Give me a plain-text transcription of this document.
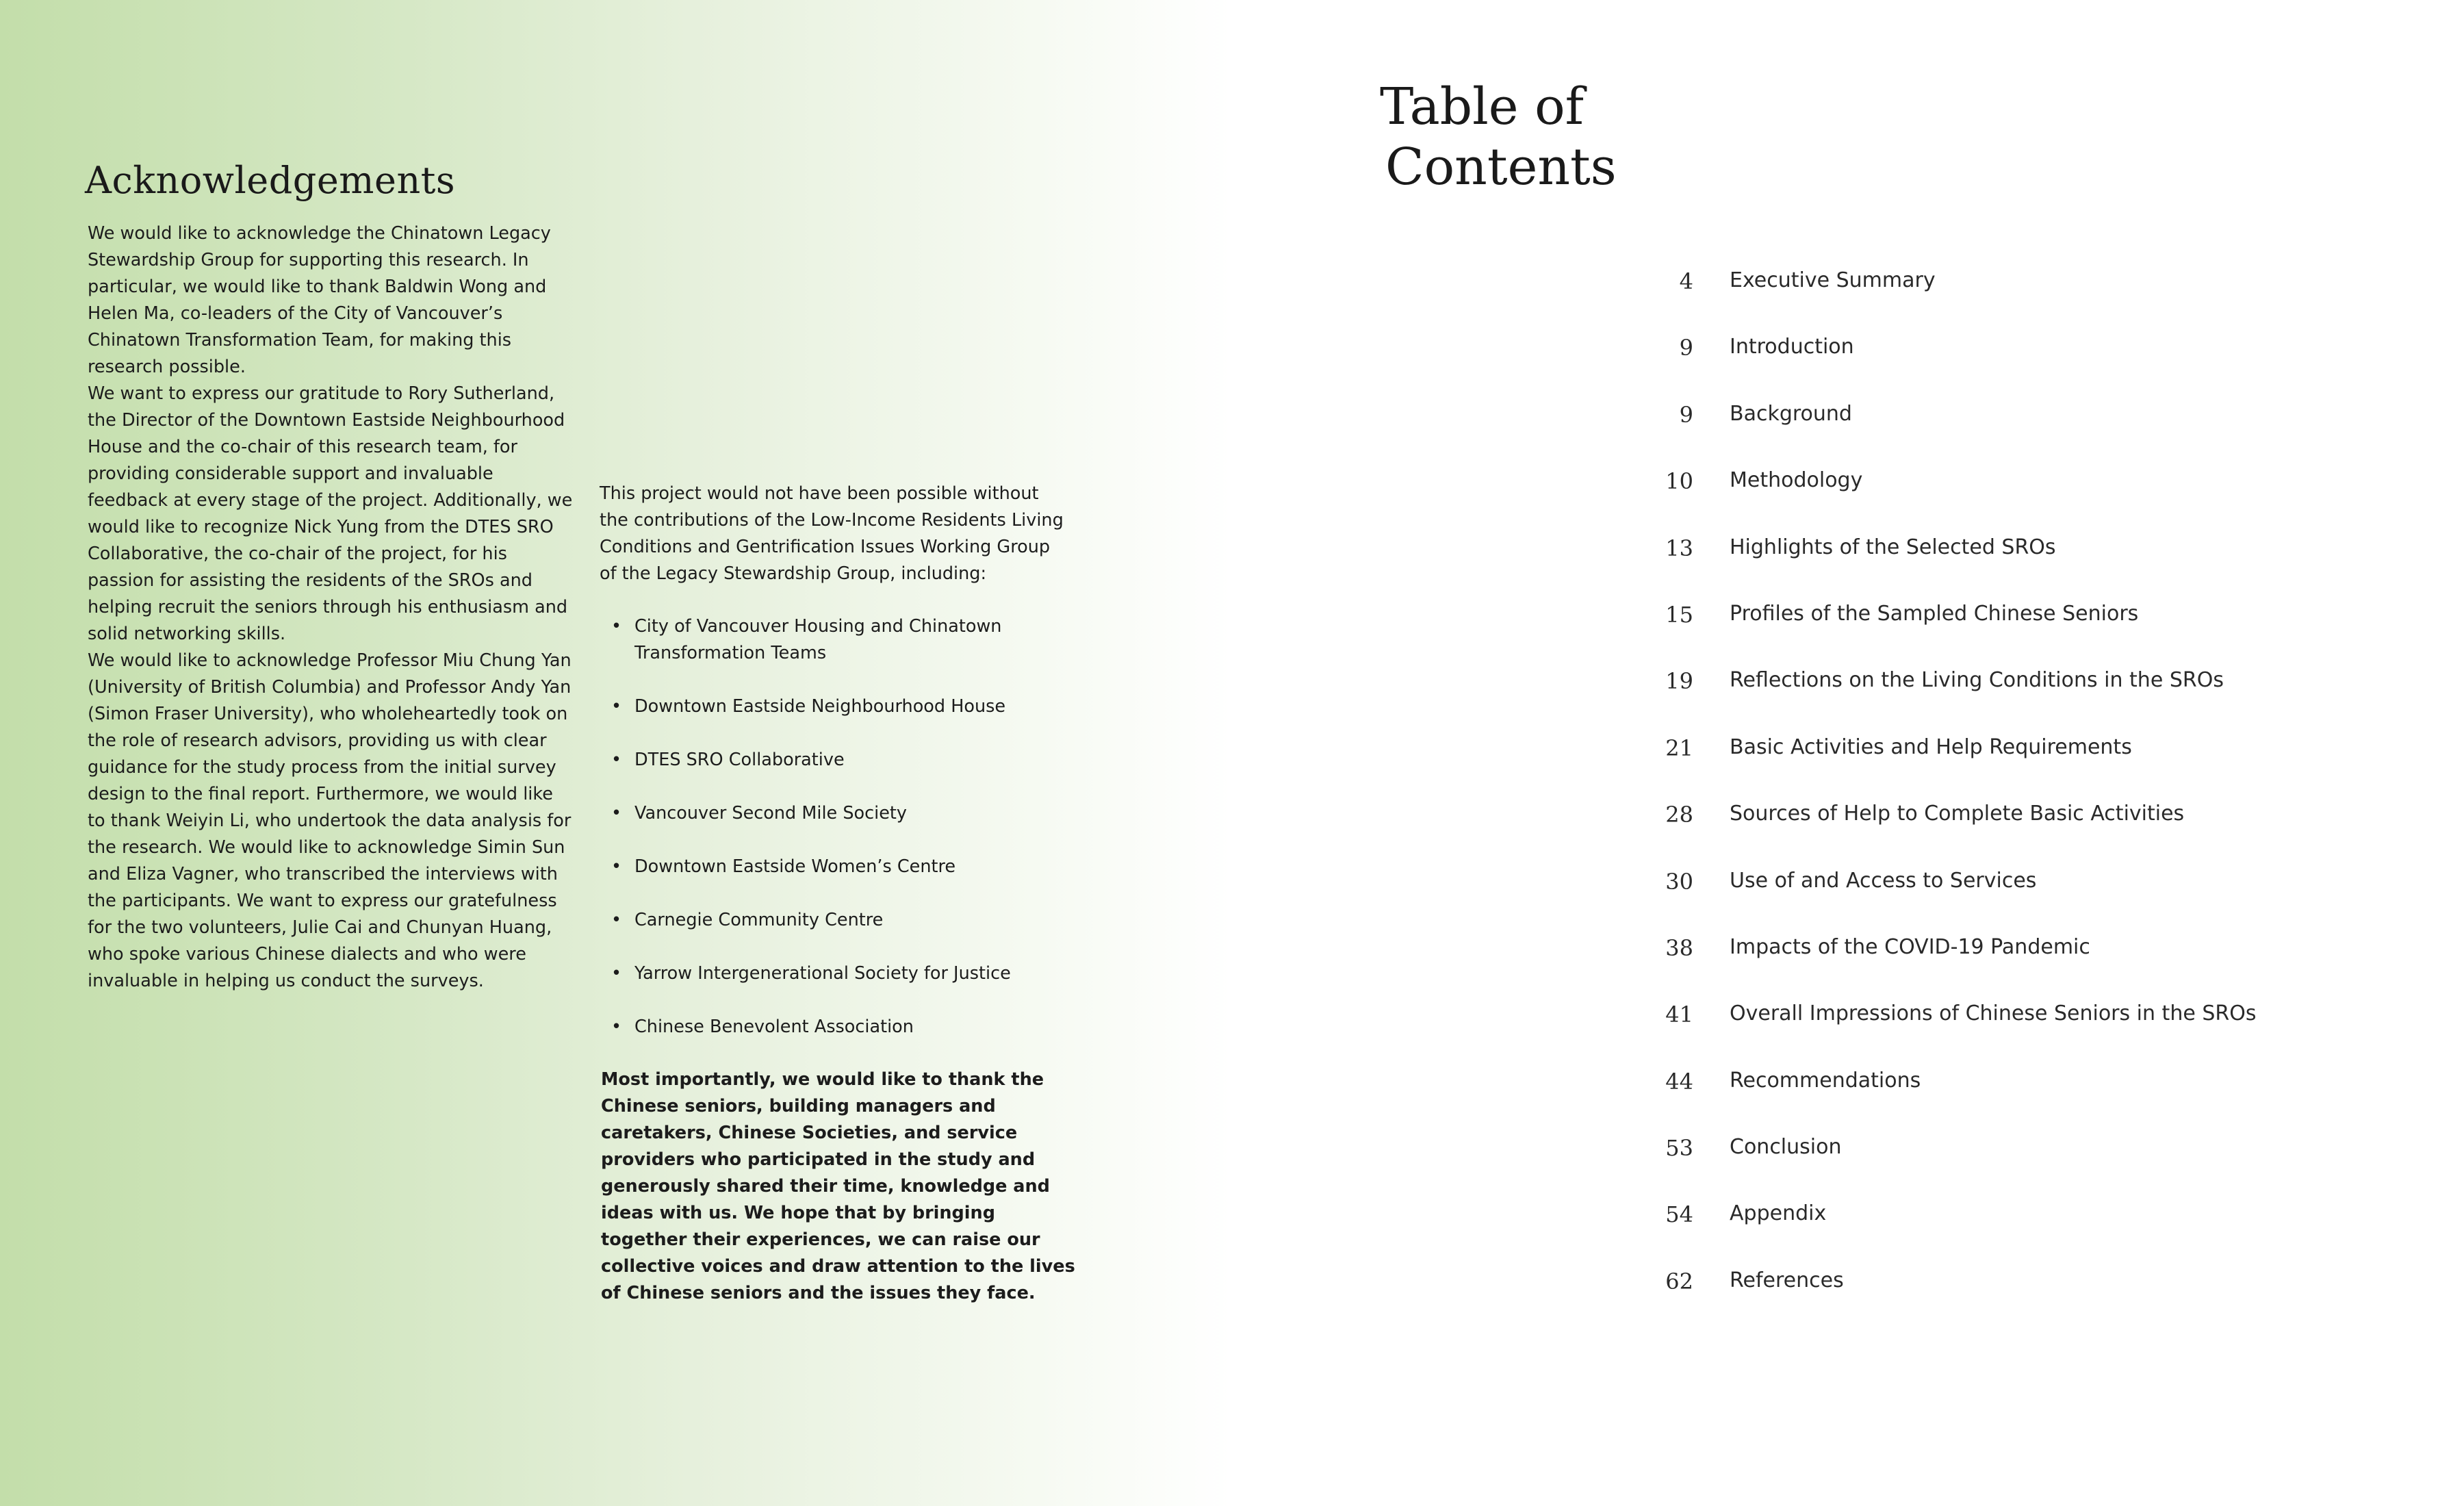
Acknowledgements

We would like to acknowledge the Chinatown Legacy Stewardship Group for supporting this research. In particular, we would like to thank Baldwin Wong and Helen Ma, co-leaders of the City of Vancouver’s Chinatown Transformation Team, for making this research possible.

We want to express our gratitude to Rory Sutherland, the Director of the Downtown Eastside Neighbourhood House and the co-chair of this research team, for providing considerable support and invaluable feedback at every stage of the project. Additionally, we would like to recognize Nick Yung from the DTES SRO Collaborative, the co-chair of the project, for his passion for assisting the residents of the SROs and helping recruit the seniors through his enthusiasm and solid networking skills.

We would like to acknowledge Professor Miu Chung Yan (University of British Columbia) and Professor Andy Yan (Simon Fraser University), who wholeheartedly took on the role of research advisors, providing us with clear guidance for the study process from the initial survey design to the final report. Furthermore, we would like to thank Weiyin Li, who undertook the data analysis for the research. We would like to acknowledge Simin Sun and Eliza Vagner, who transcribed the interviews with the participants. We want to express our gratefulness for the two volunteers, Julie Cai and Chunyan Huang, who spoke various Chinese dialects and who were invaluable in helping us conduct the surveys.

This project would not have been possible without the contributions of the Low-Income Residents Living Conditions and Gentrification Issues Working Group of the Legacy Stewardship Group, including:

• City of Vancouver Housing and Chinatown Transformation Teams
• Downtown Eastside Neighbourhood House
• DTES SRO Collaborative
• Vancouver Second Mile Society
• Downtown Eastside Women’s Centre
• Carnegie Community Centre
• Yarrow Intergenerational Society for Justice
• Chinese Benevolent Association

Most importantly, we would like to thank the Chinese seniors, building managers and caretakers, Chinese Societies, and service providers who participated in the study and generously shared their time, knowledge and ideas with us. We hope that by bringing together their experiences, we can raise our collective voices and draw attention to the lives of Chinese seniors and the issues they face.

Table of
Contents
4 Executive Summary
9 Introduction
9 Background
10 Methodology
13 Highlights of the Selected SROs
15 Profiles of the Sampled Chinese Seniors
19 Reflections on the Living Conditions in the SROs
21 Basic Activities and Help Requirements
28 Sources of Help to Complete Basic Activities
30 Use of and Access to Services
38 Impacts of the COVID-19 Pandemic
41 Overall Impressions of Chinese Seniors in the SROs
44 Recommendations
53 Conclusion
54 Appendix
62 References
